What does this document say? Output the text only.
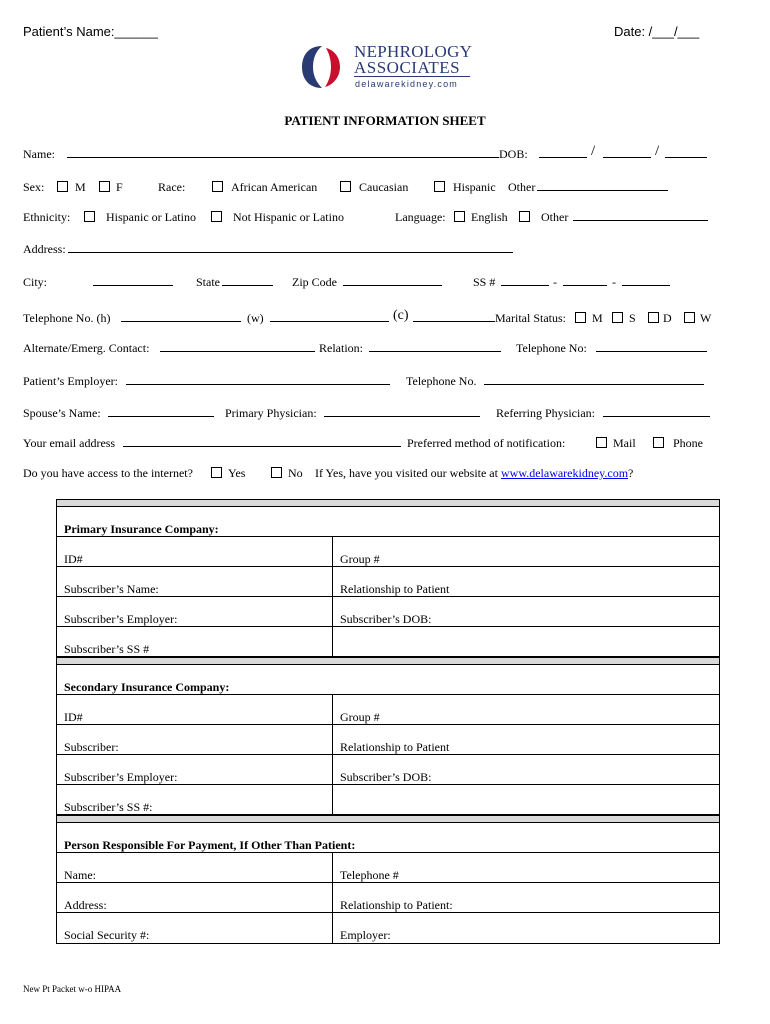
Patient’s Name:______	Date: /___/___
NEPHROLOGY
ASSOCIATES
delawarekidney.com
PATIENT INFORMATION SHEET
Name:	DOB:	/	/
Sex:	M	F	Race:	African American	Caucasian	Hispanic Other
Ethnicity:	Hispanic or Latino	Not Hispanic or Latino	Language: English	Other
Address:
City:	State	Zip Code	SS #	-	-
Telephone No. (h)	(w)	(c)	Marital Status: M S D W
Alternate/Emerg. Contact:	Relation:	Telephone No:
Patient’s Employer:	Telephone No.
Spouse’s Name:	Primary Physician:	Referring Physician:
Your email address	Preferred method of notification:	Mail	Phone
Do you have access to the internet?	Yes	No If Yes, have you visited our website at www.delawarekidney.com?
Primary Insurance Company:
ID#	Group #
Subscriber’s Name:	Relationship to Patient
Subscriber’s Employer:	Subscriber’s DOB:
Subscriber’s SS #
Secondary Insurance Company:
ID#	Group #
Subscriber:	Relationship to Patient
Subscriber’s Employer:	Subscriber’s DOB:
Subscriber’s SS #:
Person Responsible For Payment, If Other Than Patient:
Name:	Telephone #
Address:	Relationship to Patient:
Social Security #:	Employer:
New Pt Packet w-o HIPAA
